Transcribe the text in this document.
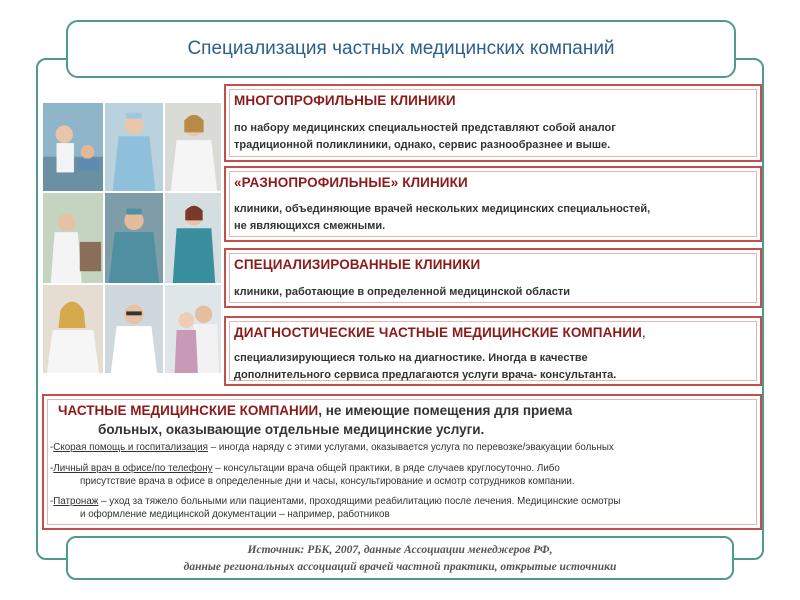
Специализация частных медицинских компаний
МНОГОПРОФИЛЬНЫЕ КЛИНИКИ
по набору медицинских специальностей представляют собой аналог
традиционной поликлиники, однако, сервис разнообразнее и выше.
«РАЗНОПРОФИЛЬНЫЕ» КЛИНИКИ
клиники, объединяющие врачей нескольких медицинских специальностей,
не являющихся смежными.
СПЕЦИАЛИЗИРОВАННЫЕ КЛИНИКИ
клиники, работающие в определенной медицинской области
ДИАГНОСТИЧЕСКИЕ ЧАСТНЫЕ МЕДИЦИНСКИЕ КОМПАНИИ,
специализирующиеся только на диагностике. Иногда в качестве
дополнительного сервиса предлагаются услуги врача- консультанта.
ЧАСТНЫЕ МЕДИЦИНСКИЕ КОМПАНИИ, не имеющие помещения для приема
больных, оказывающие отдельные медицинские услуги.
-Скорая помощь и госпитализация – иногда наряду с этими услугами, оказывается услуга по перевозке/эвакуации больных
-Личный врач в офисе/по телефону – консультации врача общей практики, в ряде случаев круглосуточно. Либо
присутствие врача в офисе в определенные дни и часы, консультирование и осмотр сотрудников компании.
-Патронаж – уход за тяжело больными или пациентами, проходящими реабилитацию после лечения. Медицинские осмотры
и оформление медицинской документации – например, работников
Источник: РБК, 2007, данные Ассоциации менеджеров РФ,
данные региональных ассоциаций врачей частной практики, открытые источники
